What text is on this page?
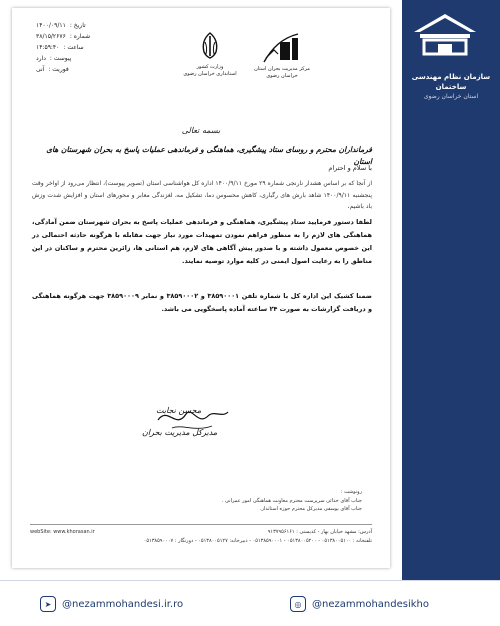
سازمان نظام مهندسی ساختمان
استان خراسان رضوی
تاریخ :
۱۴۰۰/۰۹/۱۱
شماره :
۳۸/۱۵/۲۶۷۶
ساعت :
۱۴:۵۹:۴۰
پیوست :
دارد
فوریت :
آنی	وزارت کشور
استانداری خراسان رضوی
مرکز مدیریت بحران استان خراسان رضوی
بسمه تعالی
فرمانداران محترم و روسای ستاد پیشگیری، هماهنگی و فرماندهی عملیات پاسخ به بحران شهرستان های استان
با سلام و احترام
از آنجا که بر اساس هشدار نارنجی شماره ۲۹ مورخ ۱۴۰۰/۹/۱۱ اداره کل هواشناسی استان (تصویر پیوست)، انتظار می‌رود از اواخر وقت پنجشنبه ۱۴۰۰/۹/۱۱ شاهد بارش های رگباری، کاهش محسوس دما، تشکیل مه، لغزندگی معابر و محورهای استان و افزایش شدت وزش باد باشیم،
لطفا دستور فرمایید ستاد پیشگیری، هماهنگی و فرماندهی عملیات پاسخ به بحران شهرستان ضمن آمادگی، هماهنگی های لازم را به منظور فراهم نمودن تمهیدات مورد نیاز جهت مقابله با هرگونه حادثه احتمالی در این خصوص معمول داشته و با صدور پیش آگاهی های لازم، هم استانی ها، زائرین محترم و ساکنان در این مناطق را به رعایت اصول ایمنی در کلیه موارد توصیه نمایند.
ضمنا کشیک این اداره کل با شماره تلفن ۳۸۵۹۰۰۰۱ و ۳۸۵۹۰۰۰۲ و نمابر ۳۸۵۹۰۰۰۹ جهت هرگونه هماهنگی و دریافت گزارشات به صورت ۲۴ ساعته آماده پاسخگویی می باشد.
محسن نجابت
مدیرکل مدیریت بحران
رونوشت :
جناب آقای خدائی سرپرست محترم معاونت هماهنگی امور عمرانی .
جناب آقای یوسفی مدیرکل محترم حوزه استاندار.
آدرس: مشهد خیابان بهار - کدپستی : ۹۱۳۷۹۵۶۱۶۱
webSite: www.khorasan.ir
تلفنخانه : ۰۵۱۳۸۰۰۵۱۰۰ - ۰۵۱۳۸۰۰۵۲۰۰ - ۰۵۱۳۸۵۹۰۰۰۱ - دبیرخانه: ۰۵۱۳۸۰۰۵۱۲۷ - دورنگار : ۰۵۱۳۸۵۹۰۰۰۷
➤	@nezammohandesi.ir.ro	◎	@nezammohandesikho
